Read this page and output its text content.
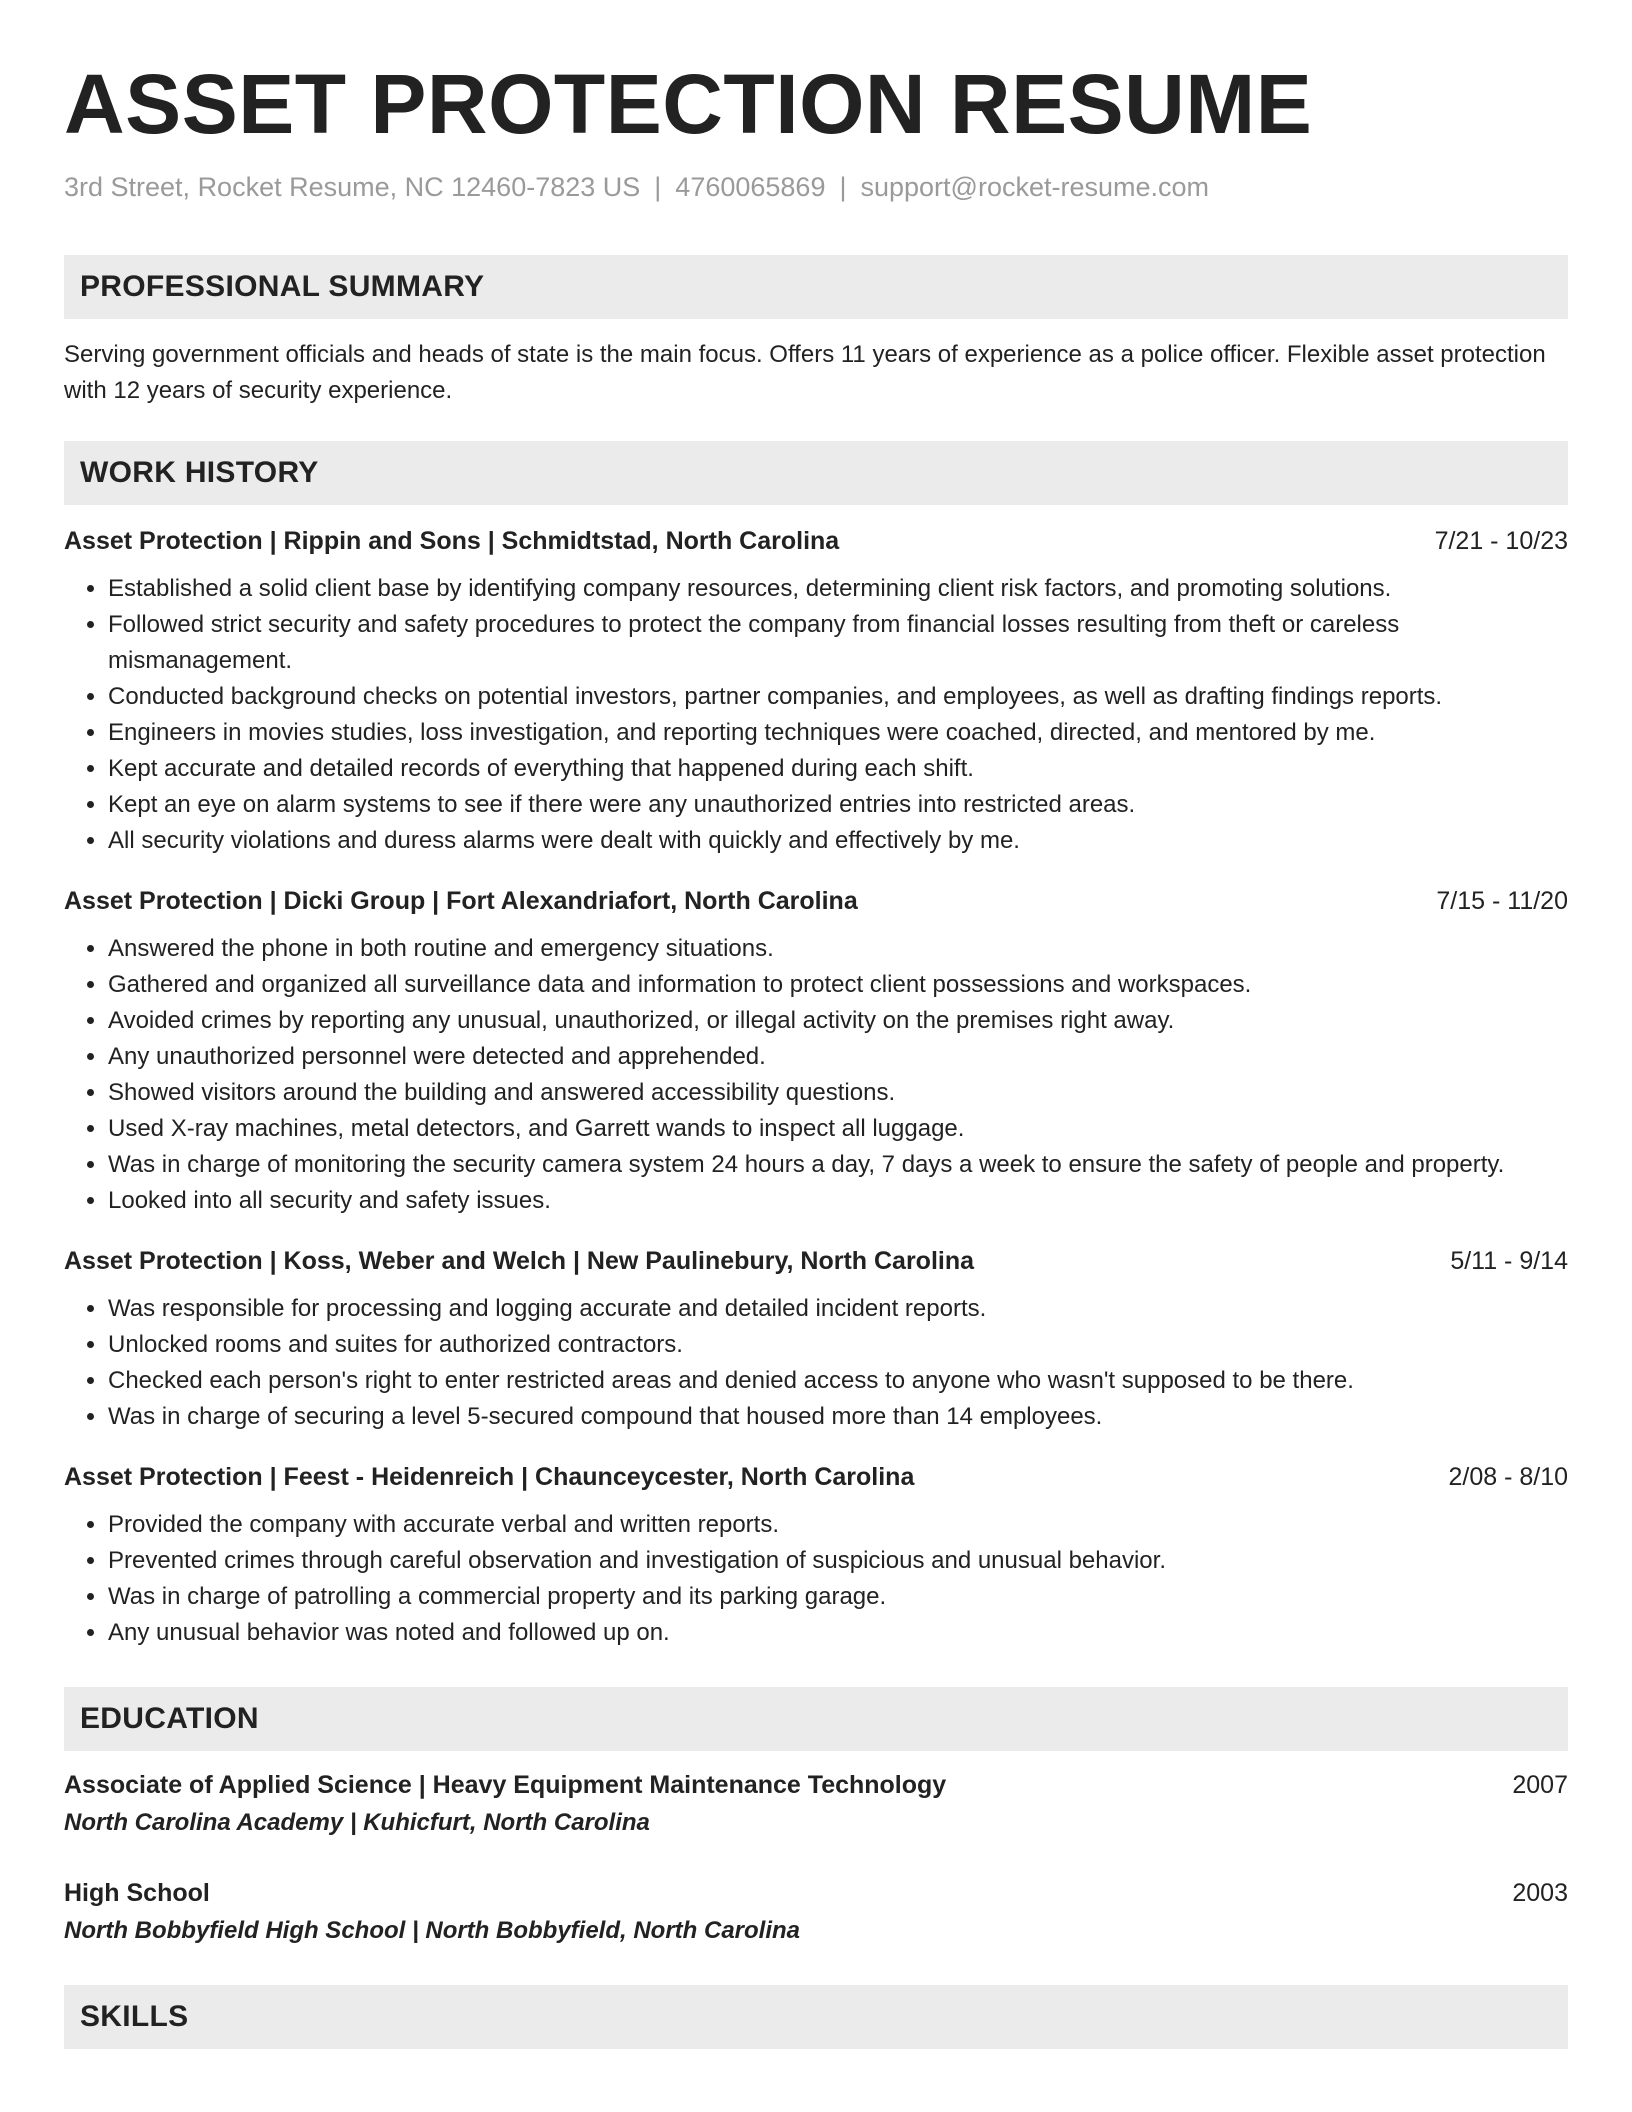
ASSET PROTECTION RESUME
3rd Street, Rocket Resume, NC 12460-7823 US | 4760065869 | support@rocket-resume.com
PROFESSIONAL SUMMARY
Serving government officials and heads of state is the main focus. Offers 11 years of experience as a police officer. Flexible asset protection with 12 years of security experience.
WORK HISTORY
Asset Protection | Rippin and Sons | Schmidtstad, North Carolina	7/21 - 10/23
• Established a solid client base by identifying company resources, determining client risk factors, and promoting solutions.
• Followed strict security and safety procedures to protect the company from financial losses resulting from theft or careless mismanagement.
• Conducted background checks on potential investors, partner companies, and employees, as well as drafting findings reports.
• Engineers in movies studies, loss investigation, and reporting techniques were coached, directed, and mentored by me.
• Kept accurate and detailed records of everything that happened during each shift.
• Kept an eye on alarm systems to see if there were any unauthorized entries into restricted areas.
• All security violations and duress alarms were dealt with quickly and effectively by me.
Asset Protection | Dicki Group | Fort Alexandriafort, North Carolina	7/15 - 11/20
• Answered the phone in both routine and emergency situations.
• Gathered and organized all surveillance data and information to protect client possessions and workspaces.
• Avoided crimes by reporting any unusual, unauthorized, or illegal activity on the premises right away.
• Any unauthorized personnel were detected and apprehended.
• Showed visitors around the building and answered accessibility questions.
• Used X-ray machines, metal detectors, and Garrett wands to inspect all luggage.
• Was in charge of monitoring the security camera system 24 hours a day, 7 days a week to ensure the safety of people and property.
• Looked into all security and safety issues.
Asset Protection | Koss, Weber and Welch | New Paulinebury, North Carolina	5/11 - 9/14
• Was responsible for processing and logging accurate and detailed incident reports.
• Unlocked rooms and suites for authorized contractors.
• Checked each person's right to enter restricted areas and denied access to anyone who wasn't supposed to be there.
• Was in charge of securing a level 5-secured compound that housed more than 14 employees.
Asset Protection | Feest - Heidenreich | Chaunceycester, North Carolina	2/08 - 8/10
• Provided the company with accurate verbal and written reports.
• Prevented crimes through careful observation and investigation of suspicious and unusual behavior.
• Was in charge of patrolling a commercial property and its parking garage.
• Any unusual behavior was noted and followed up on.
EDUCATION
Associate of Applied Science | Heavy Equipment Maintenance Technology	2007
North Carolina Academy | Kuhicfurt, North Carolina
High School	2003
North Bobbyfield High School | North Bobbyfield, North Carolina
SKILLS
